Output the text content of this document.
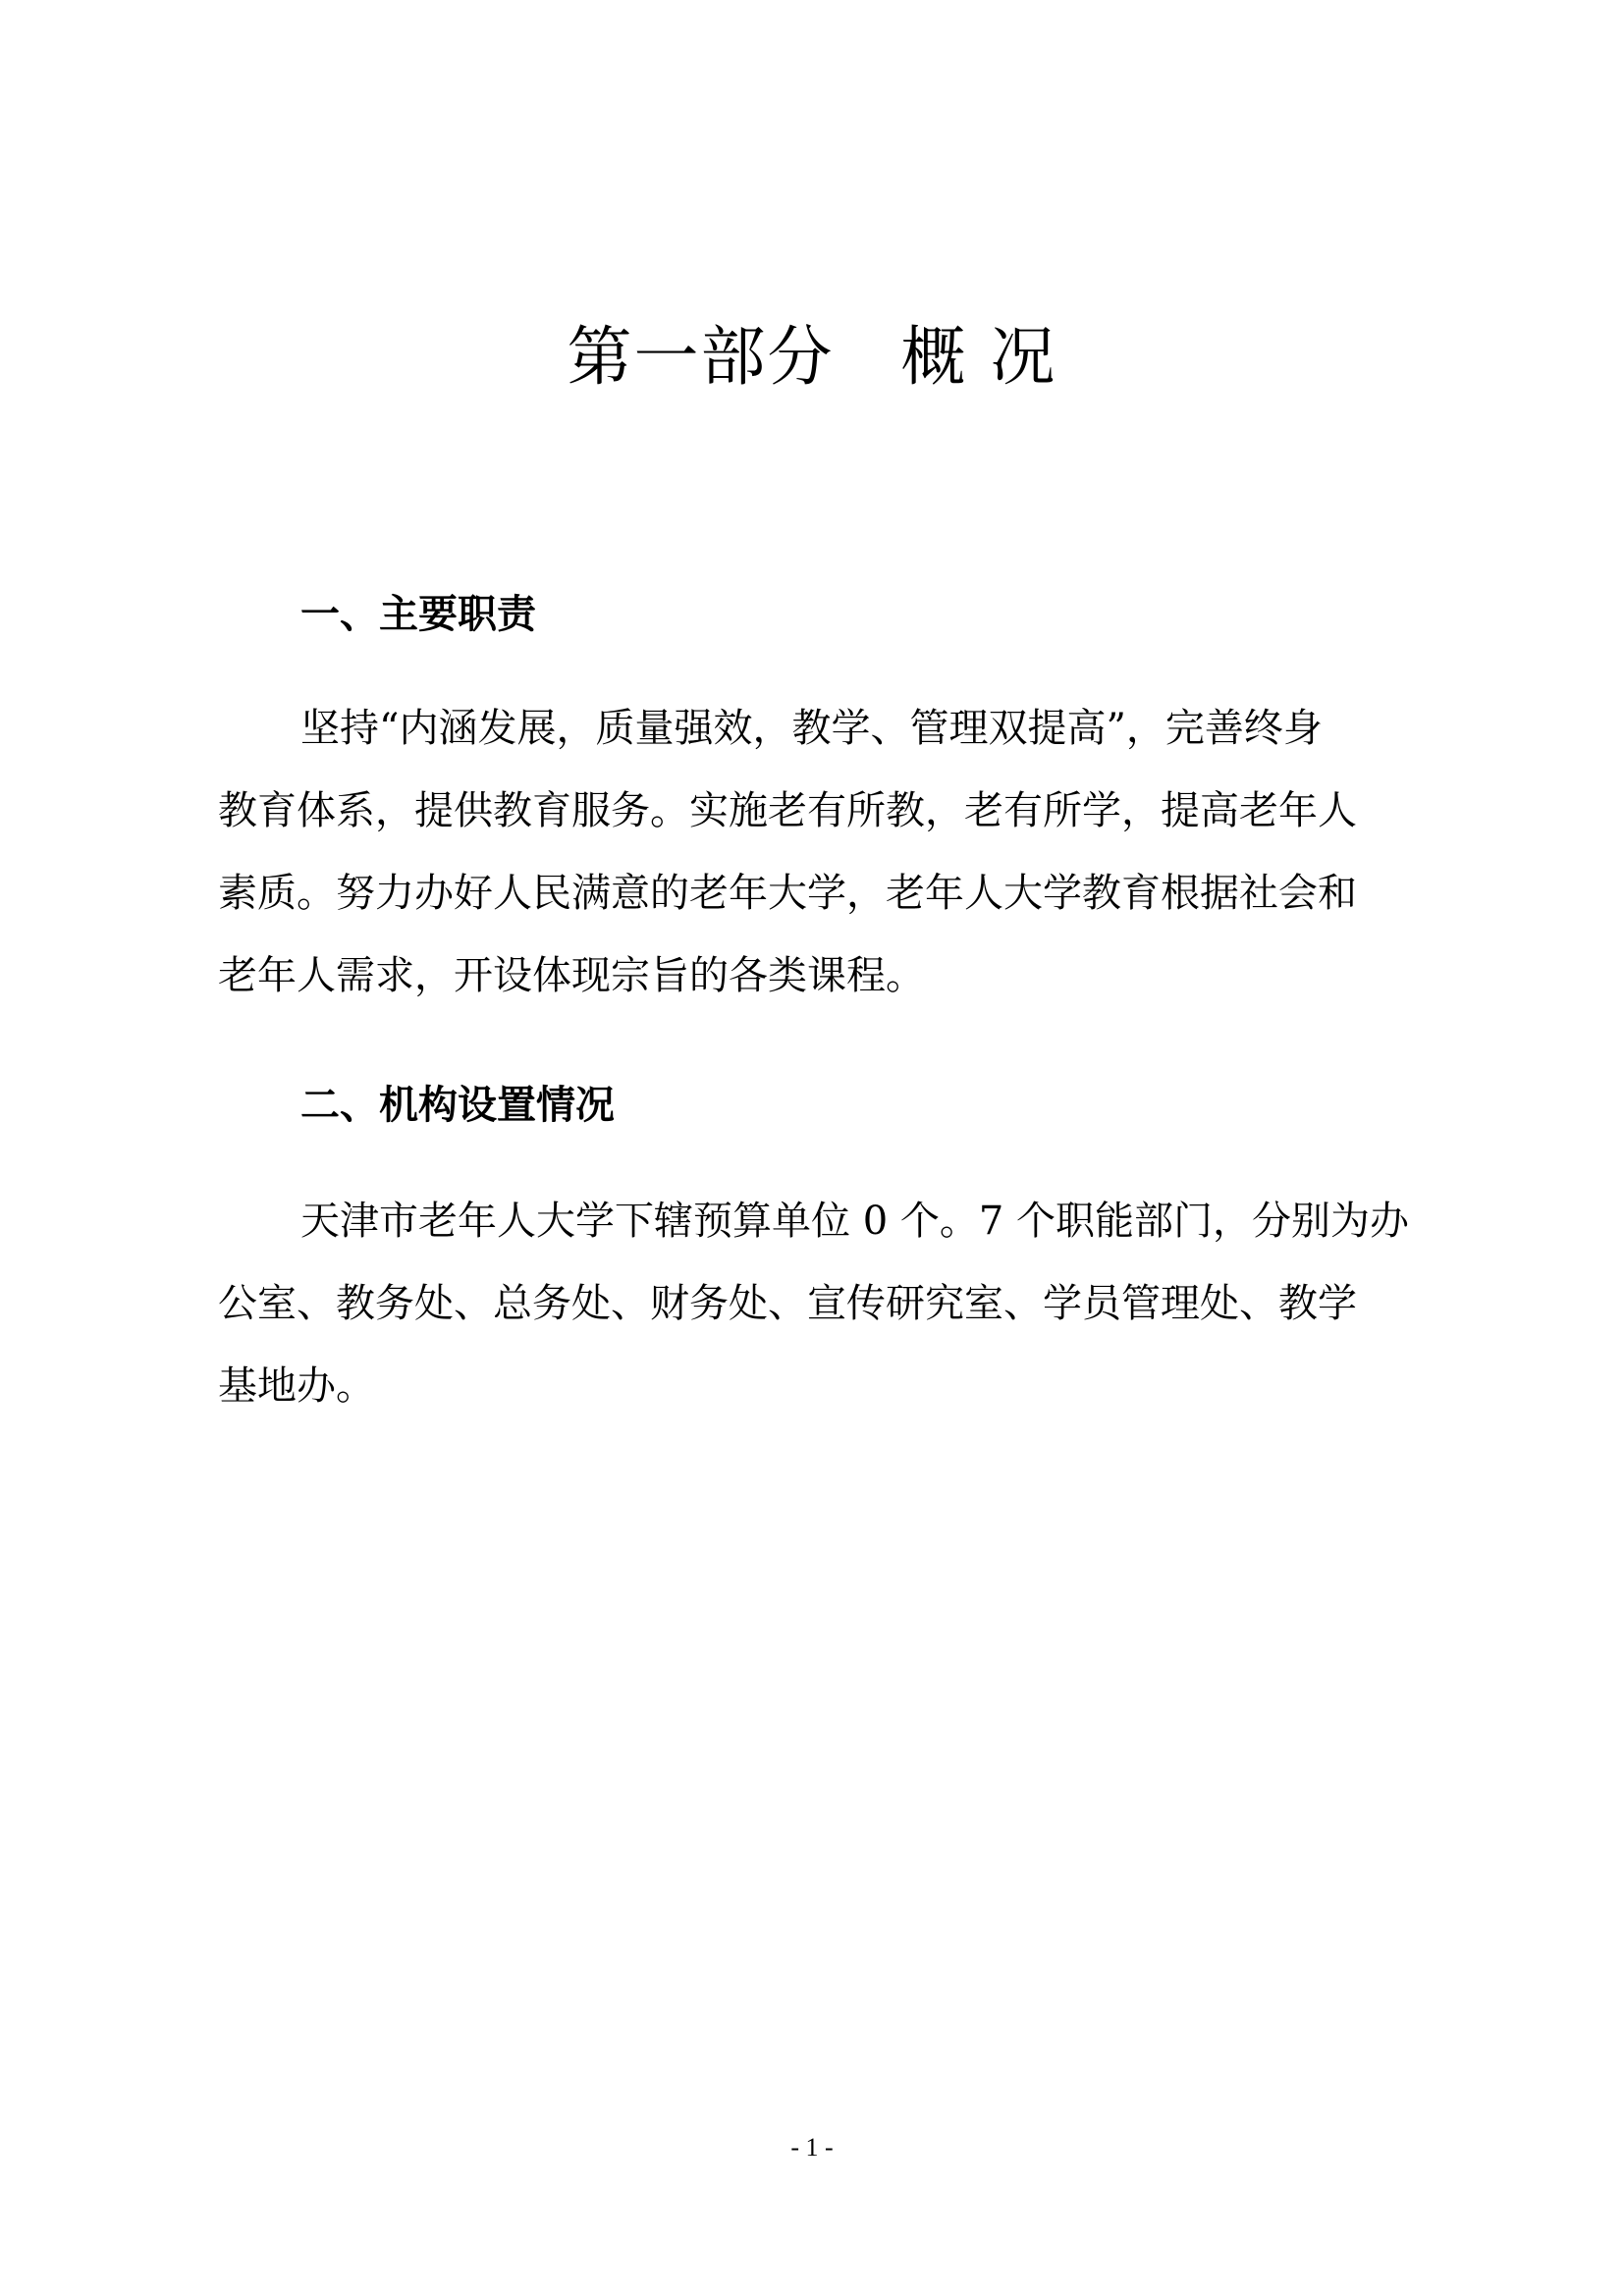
第一部分　概 况
一、主要职责
坚持“内涵发展，质量强效，教学、管理双提高”，完善终身
教育体系，提供教育服务。实施老有所教，老有所学，提高老年人
素质。努力办好人民满意的老年大学，老年人大学教育根据社会和
老年人需求，开设体现宗旨的各类课程。
二、机构设置情况
天津市老年人大学下辖预算单位 0 个。7 个职能部门，分别为办
公室、教务处、总务处、财务处、宣传研究室、学员管理处、教学
基地办。

- 1 -
